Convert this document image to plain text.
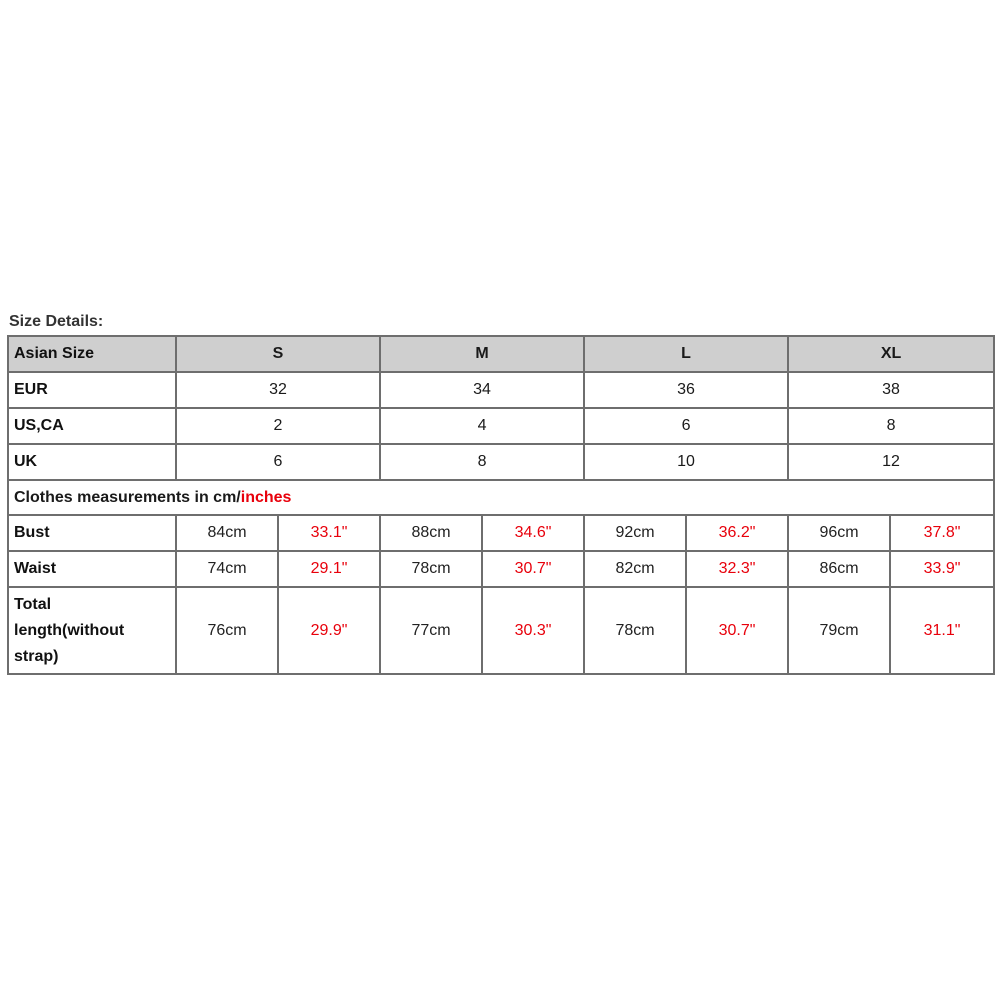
Size Details:
Asian Size	S		M		L		XL	
EUR	32		34		36		38	
US,CA	2		4		6		8	
UK	6		8		10		12	
Clothes measurements in cm/inches								
Bust	84cm	33.1"	88cm	34.6"	92cm	36.2"	96cm	37.8"
Waist	74cm	29.1"	78cm	30.7"	82cm	32.3"	86cm	33.9"
Total
length(without
strap)	76cm	29.9"	77cm	30.3"	78cm	30.7"	79cm	31.1"
